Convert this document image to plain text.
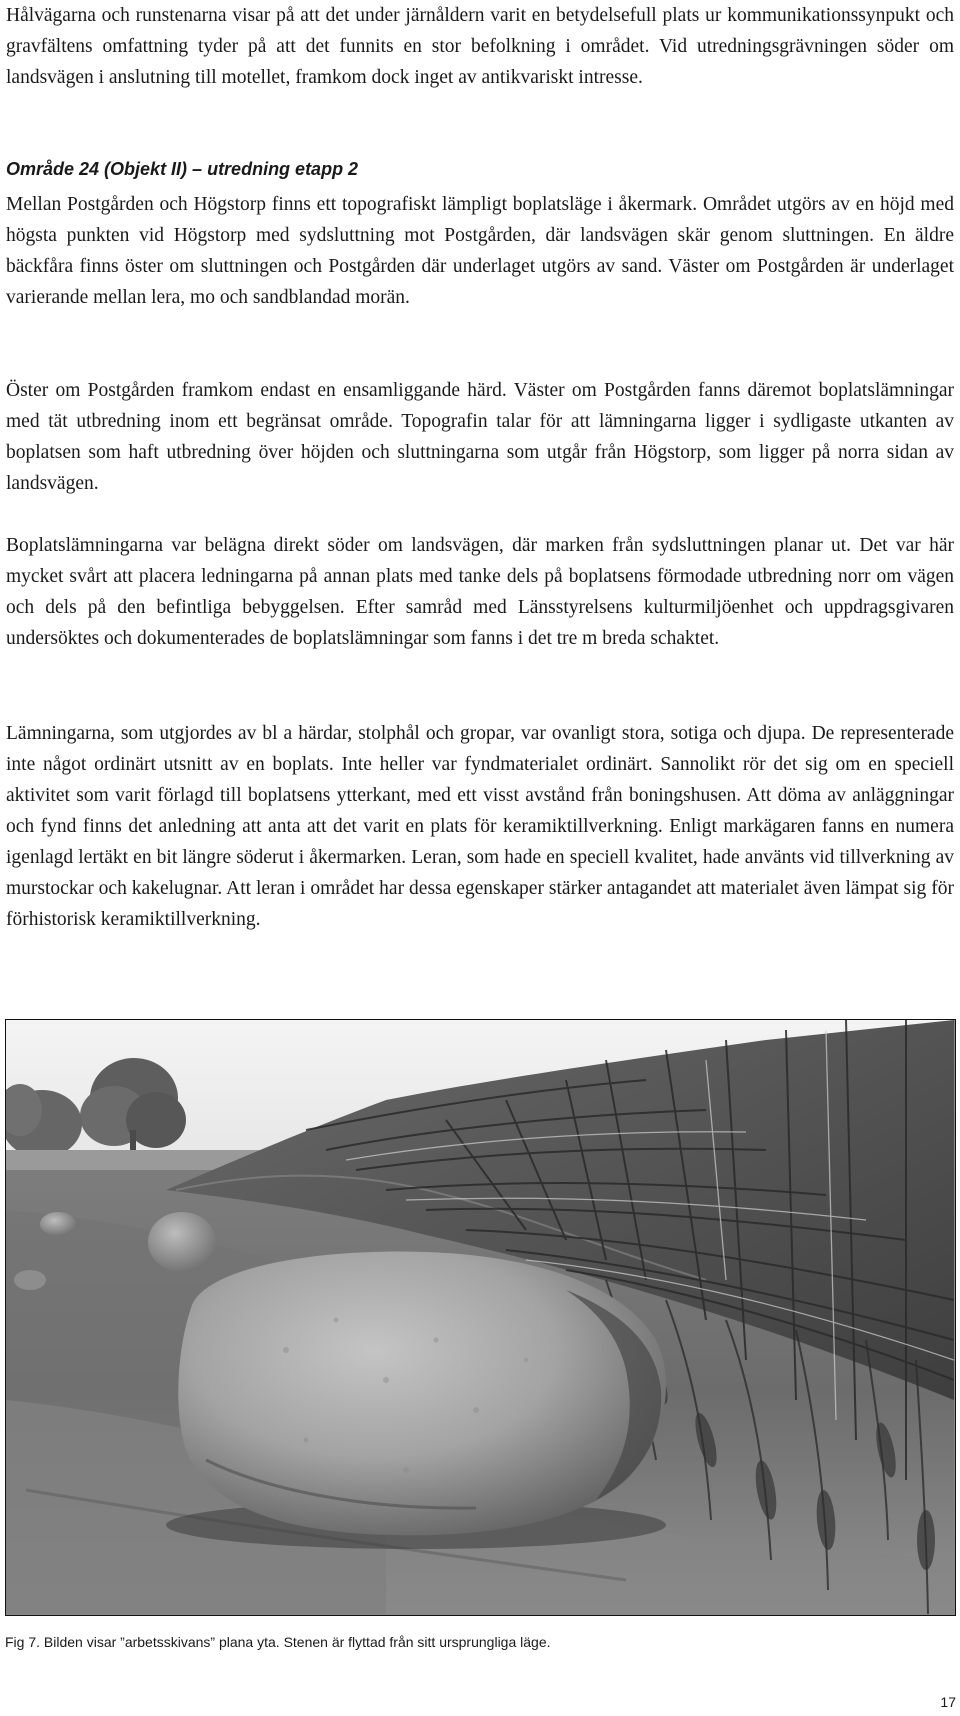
Hålvägarna och runstenarna visar på att det under järnåldern varit en betydelsefull plats ur kommunikationssynpukt och gravfältens omfattning tyder på att det funnits en stor befolkning i området. Vid utredningsgrävningen söder om landsvägen i anslutning till motellet, framkom dock inget av antikvariskt intresse.

Område 24 (Objekt II) – utredning etapp 2

Mellan Postgården och Högstorp finns ett topografiskt lämpligt boplatsläge i åkermark. Området utgörs av en höjd med högsta punkten vid Högstorp med sydsluttning mot Postgården, där landsvägen skär genom sluttningen. En äldre bäckfåra finns öster om sluttningen och Postgården där underlaget utgörs av sand. Väster om Postgården är underlaget varierande mellan lera, mo och sandblandad morän.

Öster om Postgården framkom endast en ensamliggande härd. Väster om Postgården fanns däremot boplatslämningar med tät utbredning inom ett begränsat område. Topografin talar för att lämningarna ligger i sydligaste utkanten av boplatsen som haft utbredning över höjden och sluttningarna som utgår från Högstorp, som ligger på norra sidan av landsvägen.

Boplatslämningarna var belägna direkt söder om landsvägen, där marken från sydsluttningen planar ut. Det var här mycket svårt att placera ledningarna på annan plats med tanke dels på boplatsens förmodade utbredning norr om vägen och dels på den befintliga bebyggelsen. Efter samråd med Länsstyrelsens kulturmiljöenhet och uppdragsgivaren undersöktes och dokumenterades de boplatslämningar som fanns i det tre m breda schaktet.

Lämningarna, som utgjordes av bl a härdar, stolphål och gropar, var ovanligt stora, sotiga och djupa. De representerade inte något ordinärt utsnitt av en boplats. Inte heller var fyndmaterialet ordinärt. Sannolikt rör det sig om en speciell aktivitet som varit förlagd till boplatsens ytterkant, med ett visst avstånd från boningshusen. Att döma av anläggningar och fynd finns det anledning att anta att det varit en plats för keramiktillverkning. Enligt markägaren fanns en numera igenlagd lertäkt en bit längre söderut i åkermarken. Leran, som hade en speciell kvalitet, hade använts vid tillverkning av murstockar och kakelugnar. Att leran i området har dessa egenskaper stärker antagandet att materialet även lämpat sig för förhistorisk keramiktillverkning.

Fig 7. Bilden visar ”arbetsskivans” plana yta. Stenen är flyttad från sitt ursprungliga läge.

17
